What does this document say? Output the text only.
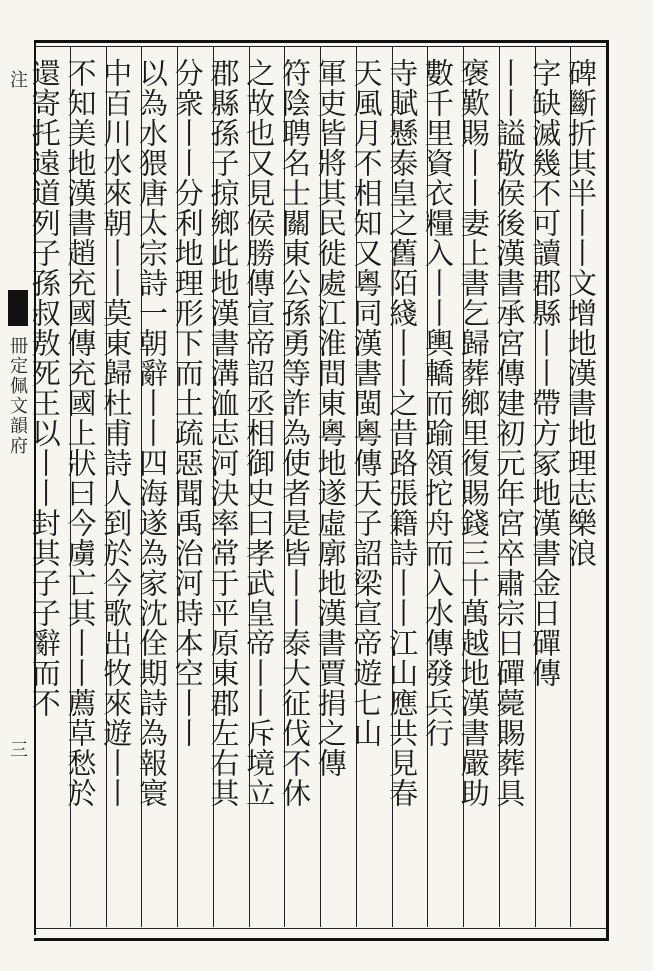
注
冊定佩文韻府
三
碑斷折其半丨丨文增地漢書地理志樂浪
字缺滅幾不可讀郡縣丨丨帶方冢地漢書金日磾傳
丨丨謚敬侯後漢書承宮傳建初元年宮卒肅宗日磾薨賜葬具
褒歎賜丨丨妻上書乞歸葬鄉里復賜錢三十萬越地漢書嚴助
數千里資衣糧入丨丨輿轎而踰領拕舟而入水傳發兵行
寺賦懸泰皇之舊陌綫丨丨之昔路張籍詩丨丨江山應共見春
天風月不相知又粵同漢書閩粵傳天子詔梁宣帝遊七山
軍吏皆將其民徙處江淮間東粵地遂虛廓地漢書賈捐之傳
符陰聘名士關東公孫勇等詐為使者是皆丨丨泰大征伐不休
之故也又見侯勝傳宣帝詔丞相御史曰孝武皇帝丨丨斥境立
郡縣孫子掠鄉此地漢書溝洫志河決率常于平原東郡左右其
分衆丨丨分利地理形下而土疏惡聞禹治河時本空丨丨
以為水猥唐太宗詩一朝辭丨丨四海遂為家沈佺期詩為報寰
中百川水來朝丨丨莫東歸杜甫詩人到於今歌出牧來遊丨丨
不知美地漢書趙充國傳充國上狀曰今虜亡其丨丨薦草愁於
還寄托遠道列子孫叔敖死王以丨丨封其子子辭而不
